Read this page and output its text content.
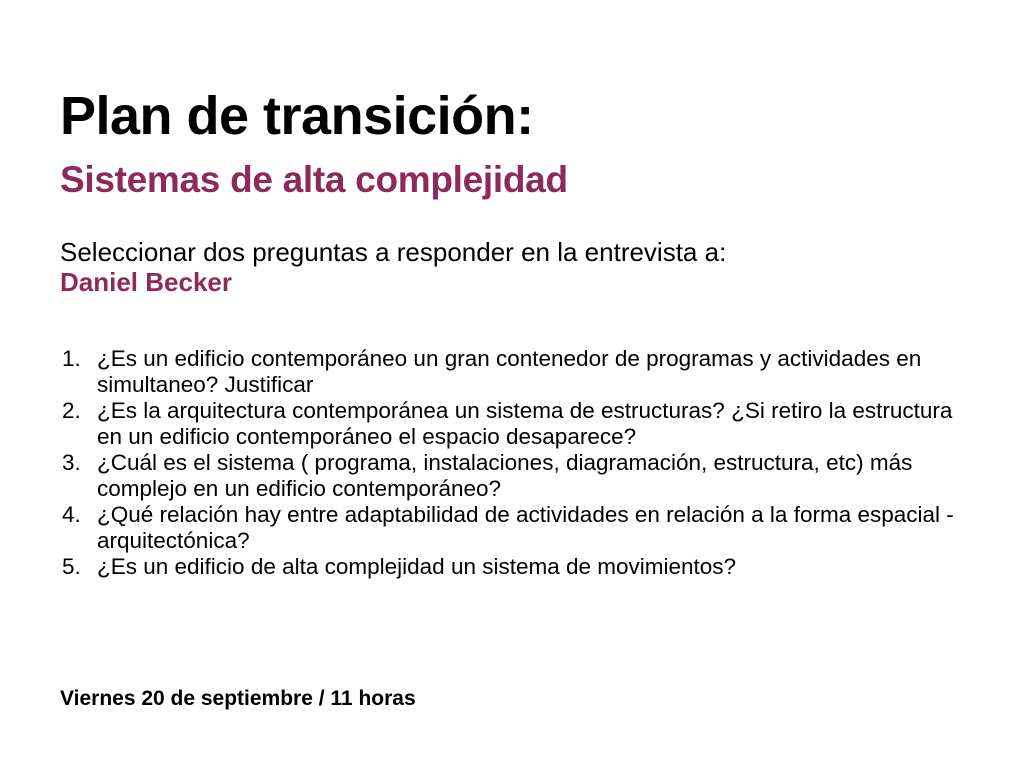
Plan de transición:
Sistemas de alta complejidad

Seleccionar dos preguntas a responder en la entrevista a:

Daniel Becker

¿Es un edificio contemporáneo un gran contenedor de programas y actividades en simultaneo? Justificar
¿Es la arquitectura contemporánea un sistema de estructuras? ¿Si retiro la estructura en un edificio contemporáneo el espacio desaparece?
¿Cuál es el sistema ( programa, instalaciones, diagramación, estructura, etc) más complejo en un edificio contemporáneo?
¿Qué relación hay entre adaptabilidad de actividades en relación a la forma espacial - arquitectónica?
¿Es un edificio de alta complejidad un sistema de movimientos?

Viernes 20 de septiembre / 11 horas
